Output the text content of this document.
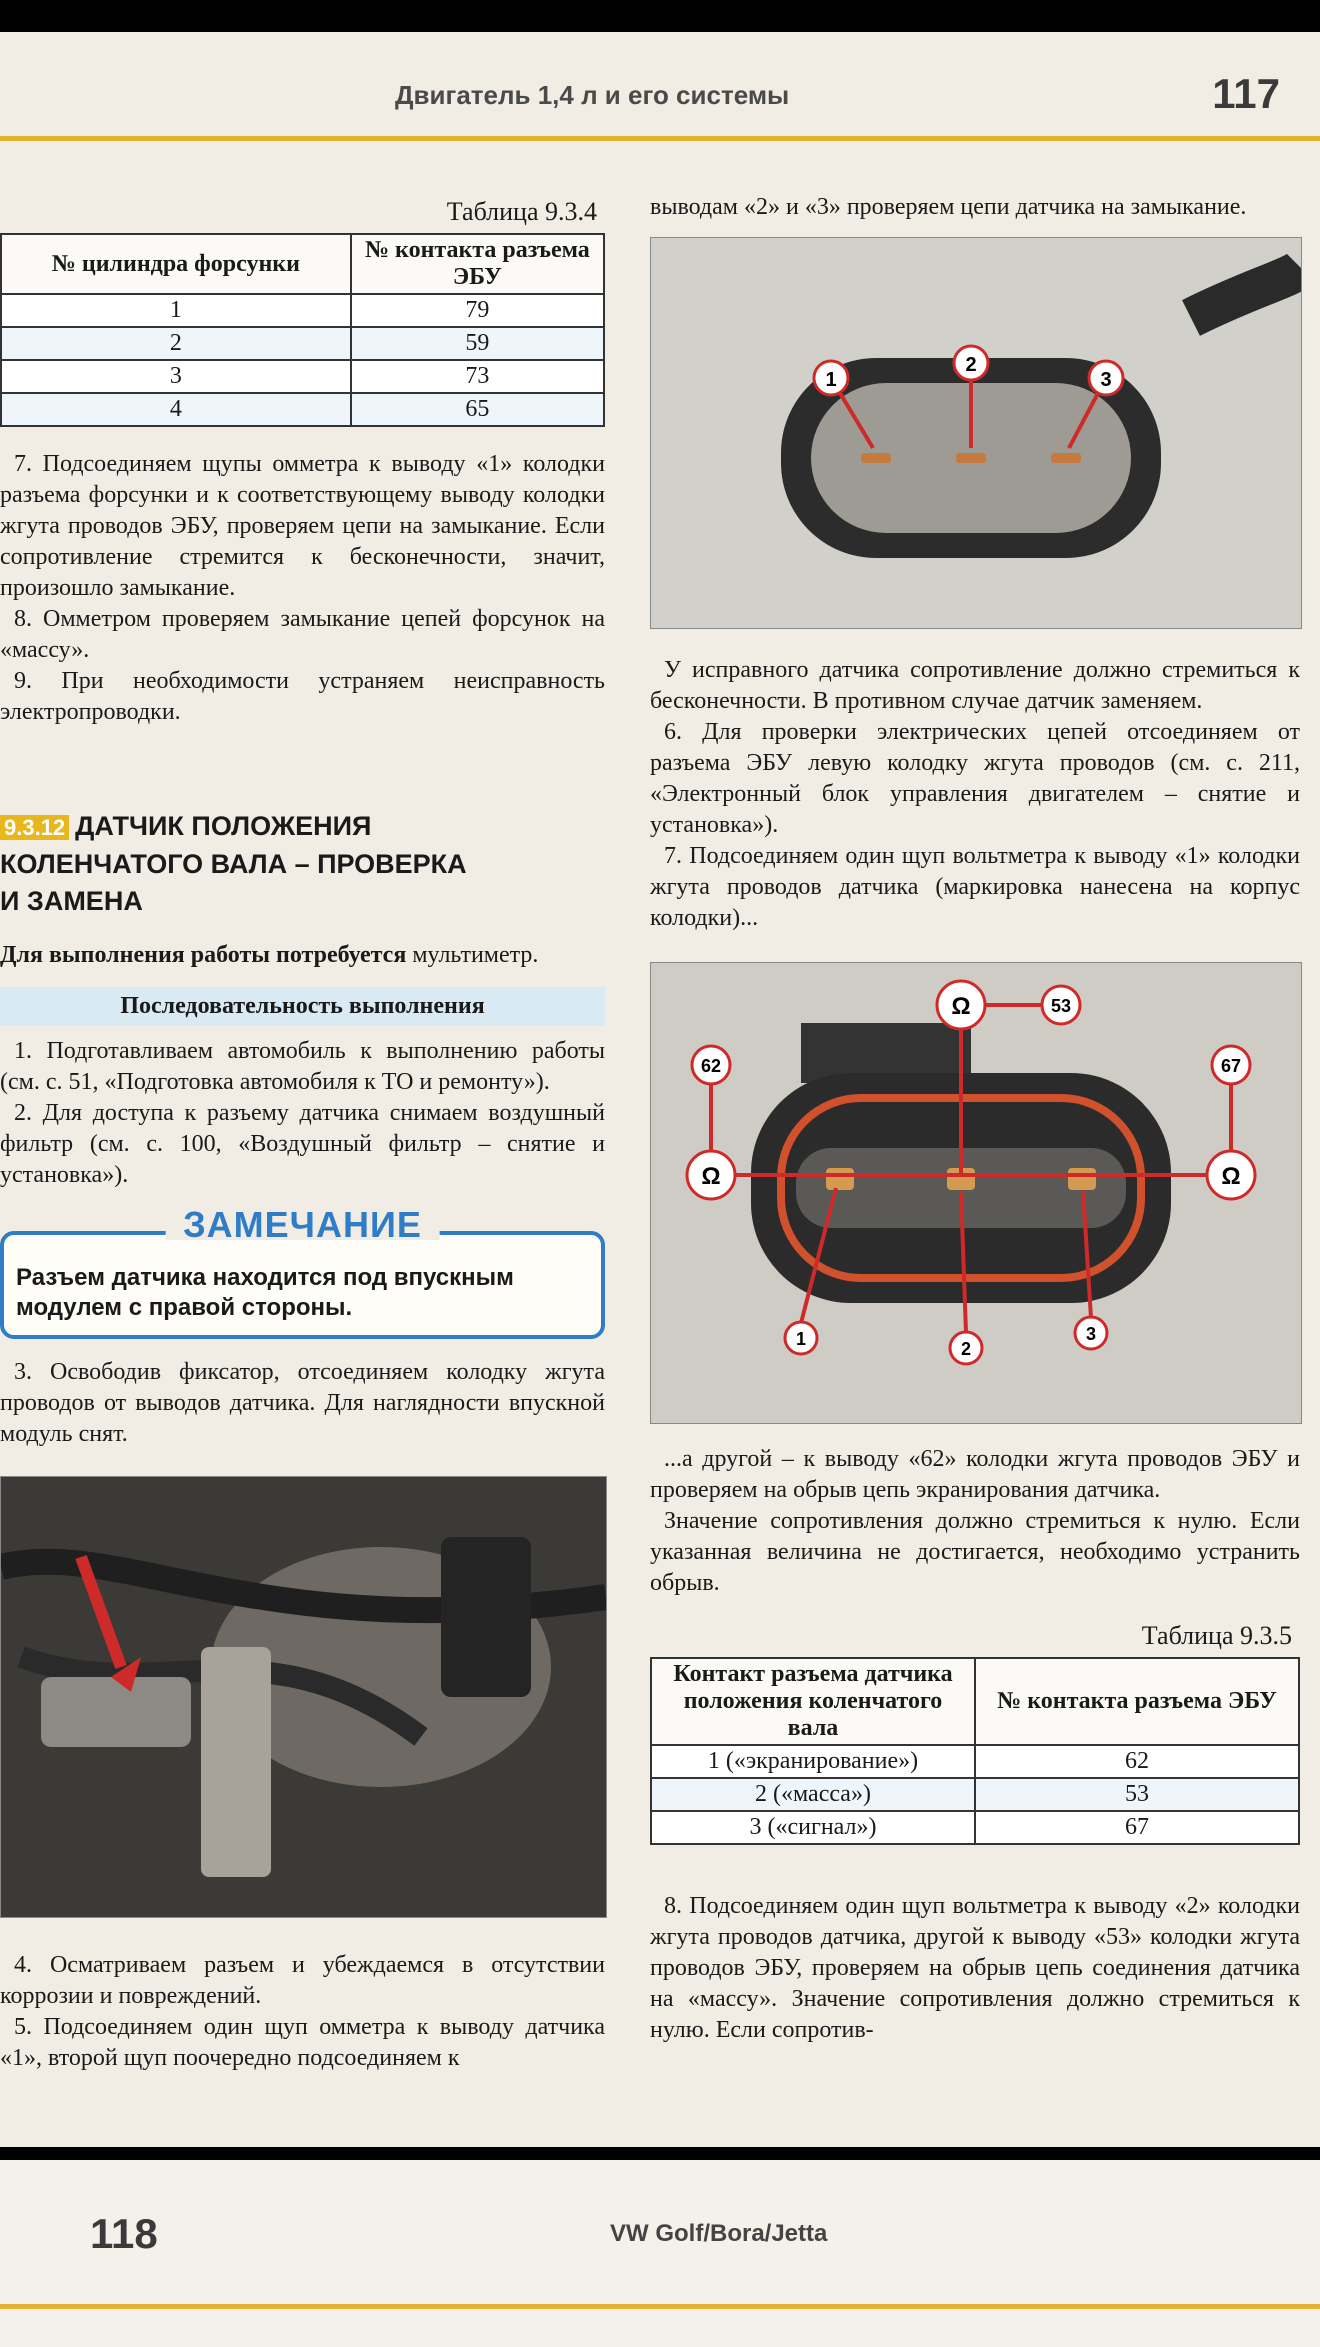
Двигатель 1,4 л и его системы	117
Таблица 9.3.4
№ цилиндра форсунки	№ контакта разъема ЭБУ
1	79
2	59
3	73
4	65

7. Подсоединяем щупы омметра к выводу «1» колодки разъема форсунки и к соответствующему выводу колодки жгута проводов ЭБУ, проверяем цепи на замыкание. Если сопротивление стремится к бесконечности, значит, произошло замыкание.

8. Омметром проверяем замыкание цепей форсунок на «массу».

9. При необходимости устраняем неисправность электропроводки.

9.3.12 ДАТЧИК ПОЛОЖЕНИЯ
КОЛЕНЧАТОГО ВАЛА – ПРОВЕРКА
И ЗАМЕНА

Для выполнения работы потребуется мультиметр.

Последовательность выполнения

1. Подготавливаем автомобиль к выполнению работы (см. с. 51, «Подготовка автомобиля к ТО и ремонту»).

2. Для доступа к разъему датчика снимаем воздушный фильтр (см. с. 100, «Воздушный фильтр – снятие и установка»).

ЗАМЕЧАНИЕ
Разъем датчика находится под впускным модулем с правой стороны.

3. Освободив фиксатор, отсоединяем колодку жгута проводов от выводов датчика. Для наглядности впускной модуль снят.

4. Осматриваем разъем и убеждаемся в отсутствии коррозии и повреждений.

5. Подсоединяем один щуп омметра к выводу датчика «1», второй щуп поочередно подсоединяем к

выводам «2» и «3» проверяем цепи датчика на замыкание.

1
2
3

У исправного датчика сопротивление должно стремиться к бесконечности. В противном случае датчик заменяем.

6. Для проверки электрических цепей отсоединяем от разъема ЭБУ левую колодку жгута проводов (см. с. 211, «Электронный блок управления двигателем – снятие и установка»).

7. Подсоединяем один щуп вольтметра к выводу «1» колодки жгута проводов датчика (маркировка нанесена на корпус колодки)...

Ω	53
62	67
Ω	Ω
1	2
3

...а другой – к выводу «62» колодки жгута проводов ЭБУ и проверяем на обрыв цепь экранирования датчика.

Значение сопротивления должно стремиться к нулю. Если указанная величина не достигается, необходимо устранить обрыв.

Таблица 9.3.5
Контакт разъема датчика положения коленчатого вала	№ контакта разъема ЭБУ
1 («экранирование»)	62
2 («масса»)	53
3 («сигнал»)	67

8. Подсоединяем один щуп вольтметра к выводу «2» колодки жгута проводов датчика, другой к выводу «53» колодки жгута проводов ЭБУ, проверяем на обрыв цепь соединения датчика на «массу». Значение сопротивления должно стремиться к нулю. Если сопротив-

118	VW Golf/Bora/Jetta
